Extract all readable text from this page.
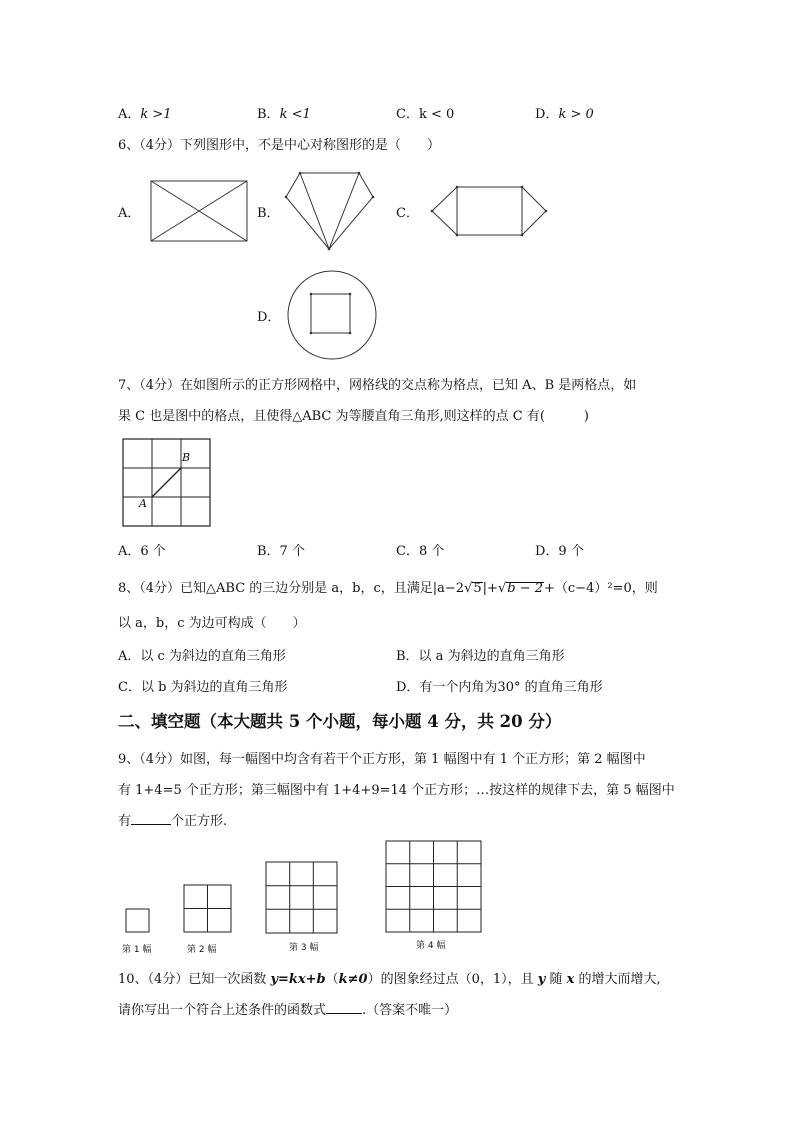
A．k >1	B．k <1	C．k < 0	D．k > 0
6、（4分）下列图形中，不是中心对称图形的是（　　）
A．	B．	C．
D．
7、（4分）在如图所示的正方形网格中，网格线的交点称为格点，已知 A、B 是两格点，如
果 C 也是图中的格点，且使得△ABC 为等腰直角三角形,则这样的点 C 有(　　　)
B
A
A．6 个	B．7 个	C．8 个	D．9 个
8、（4分）已知△ABC 的三边分别是 a，b，c，且满足|a−2√5|+√b − 2+（c−4）²=0，则
以 a，b，c 为边可构成（　　）
A．以 c 为斜边的直角三角形	B．以 a 为斜边的直角三角形
C．以 b 为斜边的直角三角形	D．有一个内角为30° 的直角三角形
二、填空题（本大题共 5 个小题，每小题 4 分，共 20 分）
9、（4分）如图，每一幅图中均含有若干个正方形，第 1 幅图中有 1 个正方形；第 2 幅图中
有 1+4=5 个正方形；第三幅图中有 1+4+9=14 个正方形；…按这样的规律下去，第 5 幅图中
有	个正方形.
第 1 幅	第 2 幅	第 3 幅	第 4 幅
10、（4分）已知一次函数 y=kx+b（k≠0）的图象经过点（0，1），且 y 随 x 的增大而增大,
请你写出一个符合上述条件的函数式	.（答案不唯一）
